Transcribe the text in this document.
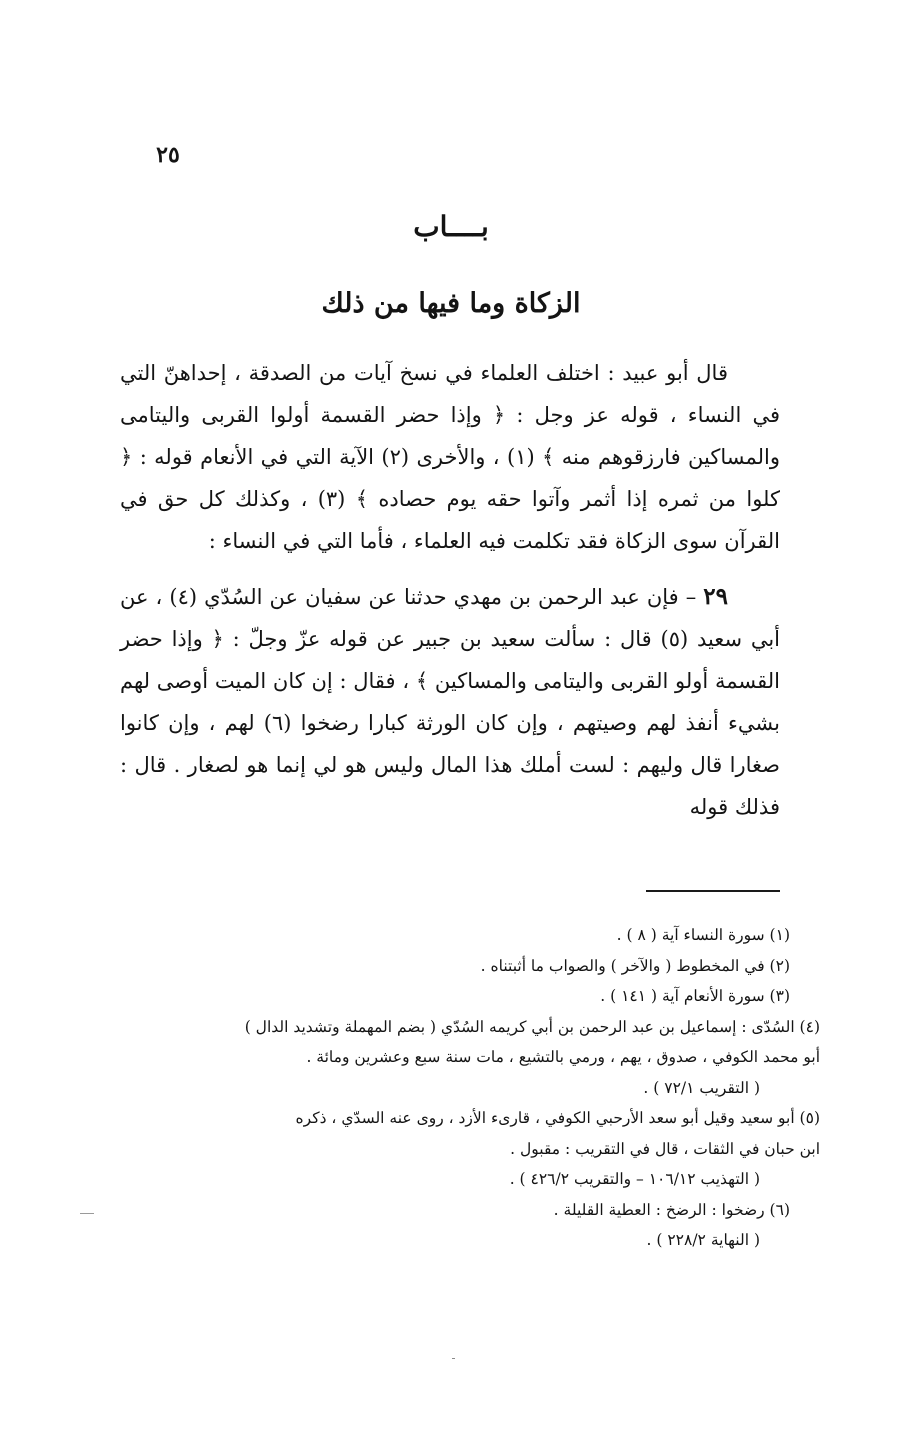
٢٥
بــــاب
الزكاة وما فيها من ذلك

قال أبو عبيد : اختلف العلماء في نسخ آيات من الصدقة ، إحداهنّ التي في النساء ، قوله عز وجل : ﴿ وإذا حضر القسمة أولوا القربى واليتامى والمساكين فارزقوهم منه ﴾ (١) ، والأخرى (٢) الآية التي في الأنعام قوله : ﴿ كلوا من ثمره إذا أثمر وآتوا حقه يوم حصاده ﴾ (٣) ، وكذلك كل حق في القرآن سوى الزكاة فقد تكلمت فيه العلماء ، فأما التي في النساء :

٢٩ – فإن عبد الرحمن بن مهدي حدثنا عن سفيان عن السُدّي (٤) ، عن أبي سعيد (٥) قال : سألت سعيد بن جبير عن قوله عزّ وجلّ : ﴿ وإذا حضر القسمة أولو القربى واليتامى والمساكين ﴾ ، فقال : إن كان الميت أوصى لهم بشيء أنفذ لهم وصيتهم ، وإن كان الورثة كبارا رضخوا (٦) لهم ، وإن كانوا صغارا قال وليهم : لست أملك هذا المال وليس هو لي إنما هو لصغار . قال : فذلك قوله

(١) سورة النساء آية ( ٨ ) .

(٢) في المخطوط ( والآخر ) والصواب ما أثبتناه .

(٣) سورة الأنعام آية ( ١٤١ ) .

(٤) السُدّى : إسماعيل بن عبد الرحمن بن أبي كريمه السُدّي ( بضم المهملة وتشديد الدال )

أبو محمد الكوفي ، صدوق ، يهم ، ورمي بالتشيع ، مات سنة سبع وعشرين ومائة .

( التقريب ٧٢/١ ) .

(٥) أبو سعيد وقيل أبو سعد الأرحبي الكوفي ، قارىء الأزد ، روى عنه السدّي ، ذكره

ابن حبان في الثقات ، قال في التقريب : مقبول .

( التهذيب ١٠٦/١٢ – والتقريب ٤٢٦/٢ ) .

(٦) رضخوا : الرضخ : العطية القليلة .

( النهاية ٢٢٨/٢ ) .
